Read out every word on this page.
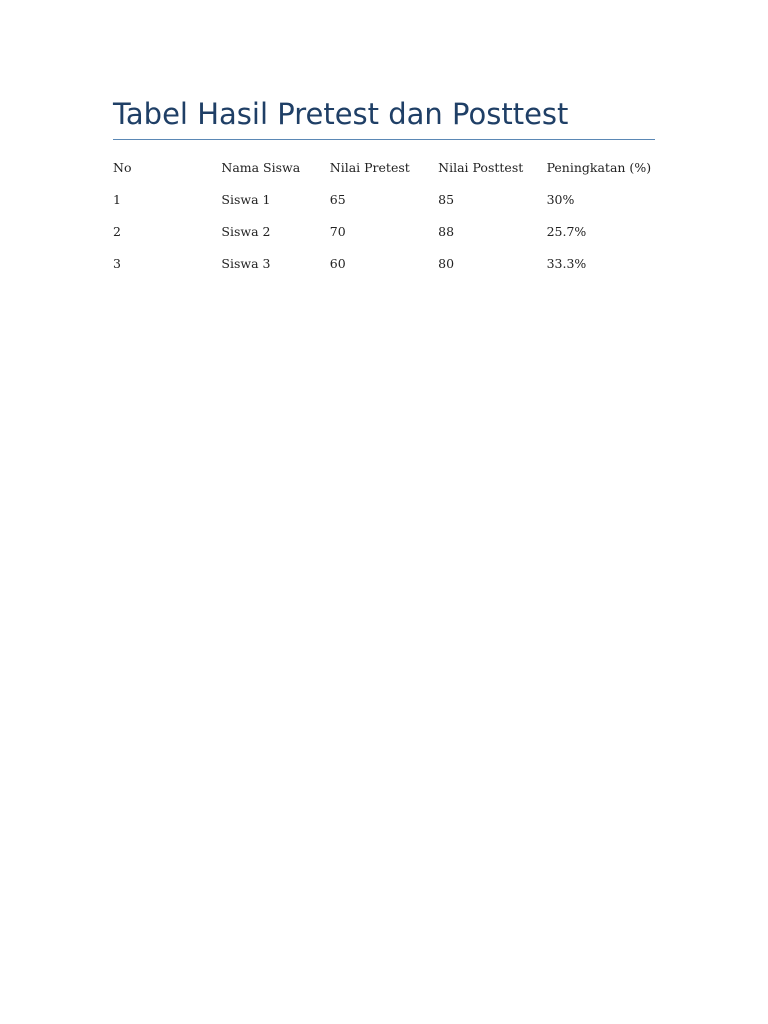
Tabel Hasil Pretest dan Posttest
No	Nama Siswa	Nilai Pretest	Nilai Posttest	Peningkatan (%)
1	Siswa 1	65	85	30%
2	Siswa 2	70	88	25.7%
3	Siswa 3	60	80	33.3%
